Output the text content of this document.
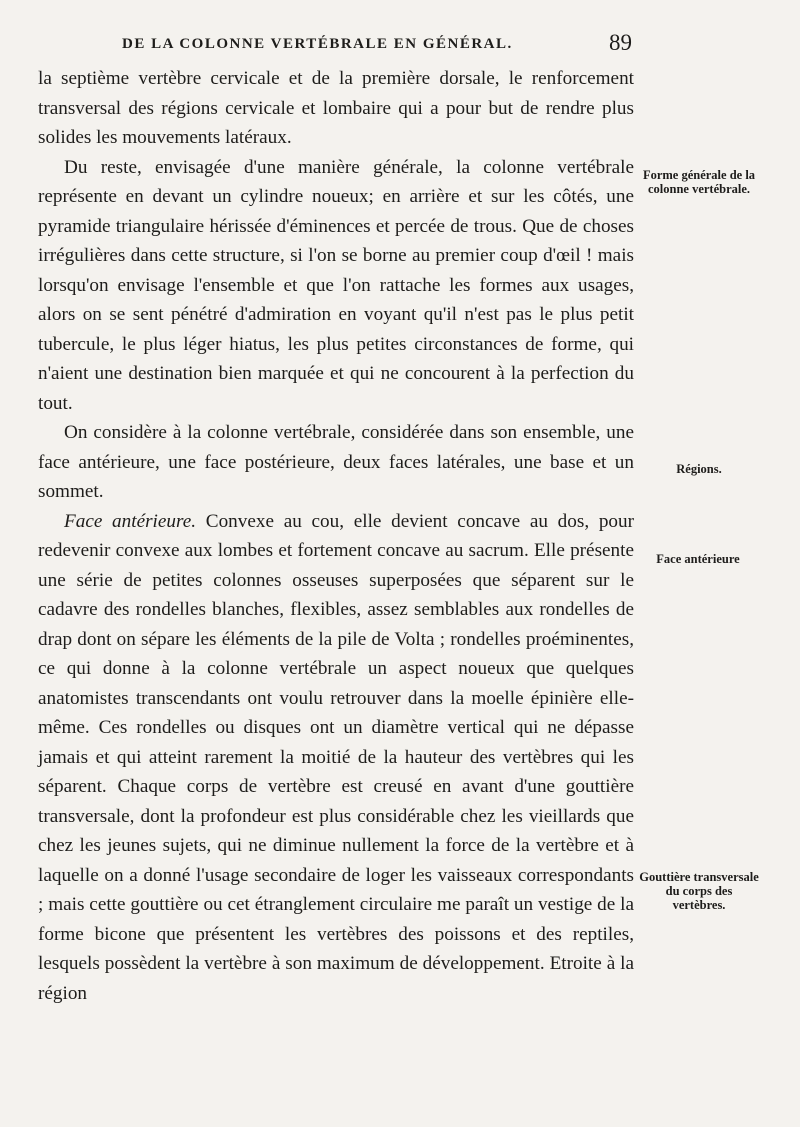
DE LA COLONNE VERTÉBRALE EN GÉNÉRAL.	89

la septième vertèbre cervicale et de la première dorsale, le renforcement transversal des régions cervicale et lombaire qui a pour but de rendre plus solides les mouvements latéraux.

Du reste, envisagée d'une manière générale, la colonne vertébrale représente en devant un cylindre noueux; en arrière et sur les côtés, une pyramide triangulaire hérissée d'éminences et percée de trous. Que de choses irrégulières dans cette structure, si l'on se borne au premier coup d'œil ! mais lorsqu'on envisage l'ensemble et que l'on rattache les formes aux usages, alors on se sent pénétré d'admiration en voyant qu'il n'est pas le plus petit tubercule, le plus léger hiatus, les plus petites circonstances de forme, qui n'aient une destination bien marquée et qui ne concourent à la perfection du tout.

On considère à la colonne vertébrale, considérée dans son ensemble, une face antérieure, une face postérieure, deux faces latérales, une base et un sommet.

Face antérieure. Convexe au cou, elle devient concave au dos, pour redevenir convexe aux lombes et fortement concave au sacrum. Elle présente une série de petites colonnes osseuses superposées que séparent sur le cadavre des rondelles blanches, flexibles, assez semblables aux rondelles de drap dont on sépare les éléments de la pile de Volta ; rondelles proéminentes, ce qui donne à la colonne vertébrale un aspect noueux que quelques anatomistes transcendants ont voulu retrouver dans la moelle épinière elle-même. Ces rondelles ou disques ont un diamètre vertical qui ne dépasse jamais et qui atteint rarement la moitié de la hauteur des vertèbres qui les séparent. Chaque corps de vertèbre est creusé en avant d'une gouttière transversale, dont la profondeur est plus considérable chez les vieillards que chez les jeunes sujets, qui ne diminue nullement la force de la vertèbre et à laquelle on a donné l'usage secondaire de loger les vaisseaux correspondants ; mais cette gouttière ou cet étranglement circulaire me paraît un vestige de la forme bicone que présentent les vertèbres des poissons et des reptiles, lesquels possèdent la vertèbre à son maximum de développement. Etroite à la région

Forme générale de la colonne vertébrale.
Régions.
Face antérieure
Gouttière transversale du corps des vertèbres.
